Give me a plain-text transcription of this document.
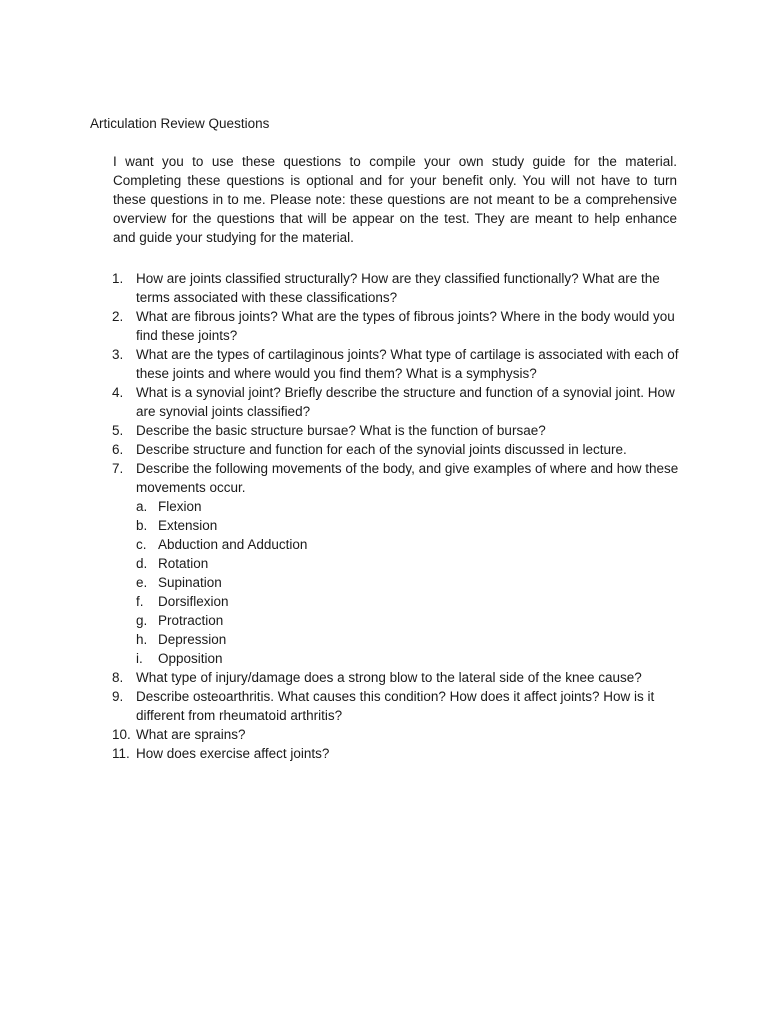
Articulation Review Questions

I want you to use these questions to compile your own study guide for the material. Completing these questions is optional and for your benefit only. You will not have to turn these questions in to me. Please note: these questions are not meant to be a comprehensive overview for the questions that will be appear on the test. They are meant to help enhance and guide your studying for the material.

1. How are joints classified structurally? How are they classified functionally? What are the terms associated with these classifications?
2. What are fibrous joints? What are the types of fibrous joints? Where in the body would you find these joints?
3. What are the types of cartilaginous joints? What type of cartilage is associated with each of these joints and where would you find them? What is a symphysis?
4. What is a synovial joint? Briefly describe the structure and function of a synovial joint. How are synovial joints classified?
5. Describe the basic structure bursae? What is the function of bursae?
6. Describe structure and function for each of the synovial joints discussed in lecture.
7. Describe the following movements of the body, and give examples of where and how these movements occur.
a. Flexion
b. Extension
c. Abduction and Adduction
d. Rotation
e. Supination
f. Dorsiflexion
g. Protraction
h. Depression
i. Opposition
8. What type of injury/damage does a strong blow to the lateral side of the knee cause?
9. Describe osteoarthritis. What causes this condition? How does it affect joints? How is it different from rheumatoid arthritis?
10. What are sprains?
11. How does exercise affect joints?
